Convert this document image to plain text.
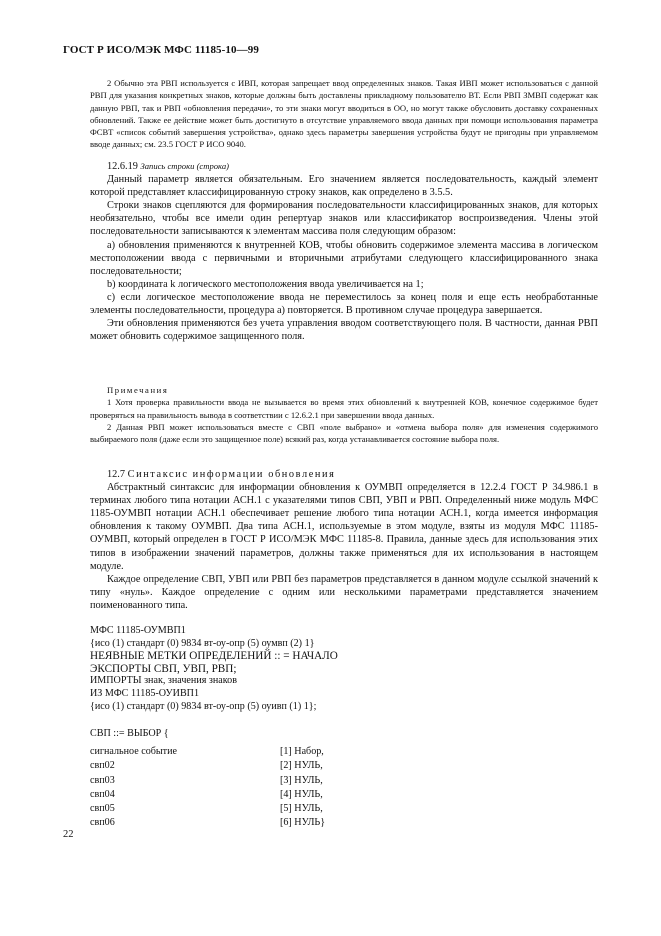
ГОСТ Р ИСО/МЭК МФС 11185-10—99

2 Обычно эта РВП используется с ИВП, которая запрещает ввод определенных знаков. Такая ИВП может использоваться с данной РВП для указания конкретных знаков, которые должны быть доставлены прикладному пользователю ВТ. Если РВП ЗМВП содержат как данную РВП, так и РВП «обновления передачи», то эти знаки могут вводиться в ОО, но могут также обусловить доставку сохраненных обновлений. Также ее действие может быть достигнуто в отсутствие управляемого ввода данных при помощи использования параметра ФСВТ «список событий завершения устройства», однако здесь параметры завершения устройства будут не пригодны при управляемом вводе данных; см. 23.5 ГОСТ Р ИСО 9040.

12.6.19 Запись строки (строка)

Данный параметр является обязательным. Его значением является последовательность, каждый элемент которой представляет классифицированную строку знаков, как определено в 3.5.5.

Строки знаков сцепляются для формирования последовательности классифицированных знаков, для которых необязательно, чтобы все имели один репертуар знаков или классификатор воспроизведения. Члены этой последовательности записываются к элементам массива поля следующим образом:

а) обновления применяются к внутренней КОВ, чтобы обновить содержимое элемента массива в логическом местоположении ввода с первичными и вторичными атрибутами следующего классифицированного знака последовательности;

b) координата k логического местоположения ввода увеличивается на 1;

с) если логическое местоположение ввода не переместилось за конец поля и еще есть необработанные элементы последовательности, процедура а) повторяется. В противном случае процедура завершается.

Эти обновления применяются без учета управления вводом соответствующего поля. В частности, данная РВП может обновить содержимое защищенного поля.

Примечания

1 Хотя проверка правильности ввода не вызывается во время этих обновлений к внутренней КОВ, конечное содержимое будет проверяться на правильность вывода в соответствии с 12.6.2.1 при завершении ввода данных.

2 Данная РВП может использоваться вместе с СВП «поле выбрано» и «отмена выбора поля» для изменения содержимого выбираемого поля (даже если это защищенное поле) всякий раз, когда устанавливается состояние выбора поля.

12.7 Синтаксис информации обновления

Абстрактный синтаксис для информации обновления к ОУМВП определяется в 12.2.4 ГОСТ Р 34.986.1 в терминах любого типа нотации АСН.1 с указателями типов СВП, УВП и РВП. Определенный ниже модуль МФС 1185-ОУМВП нотации АСН.1 обеспечивает решение любого типа нотации АСН.1, когда имеется информация обновления к такому ОУМВП. Два типа АСН.1, используемые в этом модуле, взяты из модуля МФС 11185-ОУМВП, который определен в ГОСТ Р ИСО/МЭК МФС 11185-8. Правила, данные здесь для использования этих типов в изображении значений параметров, должны также применяться для их использования в настоящем модуле.

Каждое определение СВП, УВП или РВП без параметров представляется в данном модуле ссылкой значений к типу «нуль». Каждое определение с одним или несколькими параметрами представляется значением поименованного типа.

МФС 11185-ОУМВП1
{исо (1) стандарт (0) 9834 вт-оу-опр (5) оумвп (2) 1}
НЕЯВНЫЕ МЕТКИ ОПРЕДЕЛЕНИЙ :: = НАЧАЛО
ЭКСПОРТЫ СВП, УВП, РВП;
ИМПОРТЫ знак, значения знаков
ИЗ МФС 11185-ОУИВП1
{исо (1) стандарт (0) 9834 вт-оу-опр (5) оуивп (1) 1};
СВП ::= ВЫБОР {
сигнальное событие	[1] Набор,
свп02	[2] НУЛЬ,
свп03	[3] НУЛЬ,
свп04	[4] НУЛЬ,
свп05	[5] НУЛЬ,
свп06	[6] НУЛЬ}
22
